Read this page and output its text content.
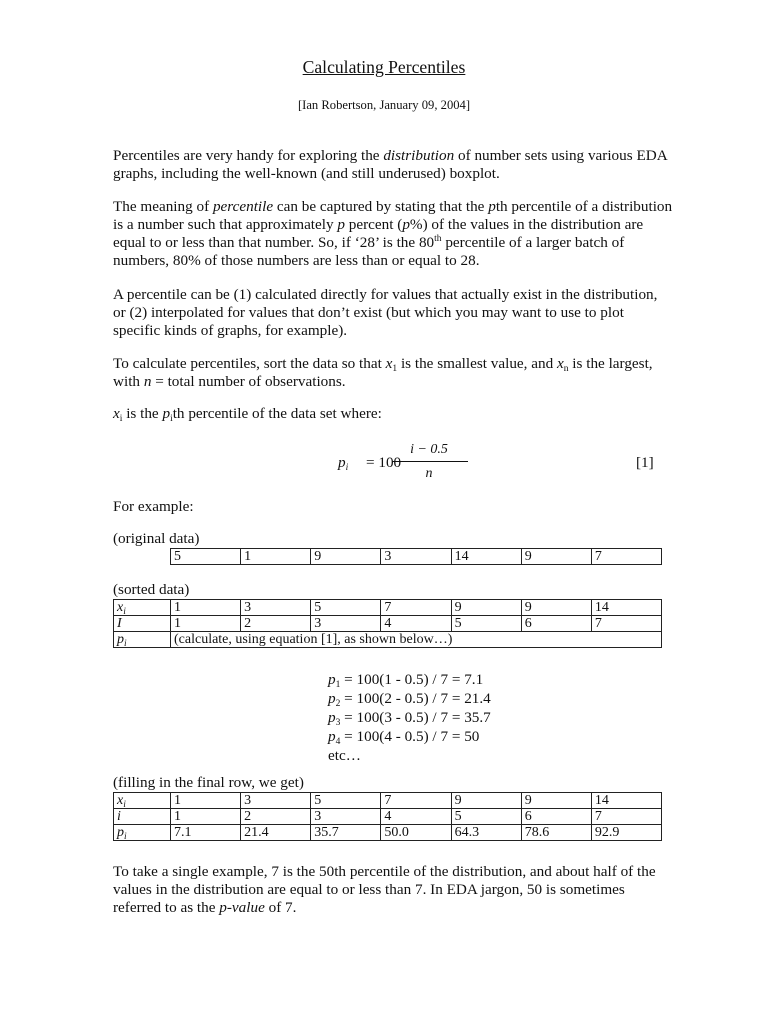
Calculating Percentiles
[Ian Robertson, January 09, 2004]

Percentiles are very handy for exploring the distribution of number sets using various EDA graphs, including the well-known (and still underused) boxplot.

The meaning of percentile can be captured by stating that the pth percentile of a distribution is a number such that approximately p percent (p%) of the values in the distribution are equal to or less than that number. So, if ‘28’ is the 80th percentile of a larger batch of numbers, 80% of those numbers are less than or equal to 28.

A percentile can be (1) calculated directly for values that actually exist in the distribution, or (2) interpolated for values that don’t exist (but which you may want to use to plot specific kinds of graphs, for example).

To calculate percentiles, sort the data so that $x_1$ is the smallest value, and $x_n$ is the largest, with n = total number of observations.

$x_i$ is the $p_ith$ percentile of the data set where:

$p_i = 100$
i − 0.5
n
[1]
For example:
(original data)
5	1	9	3	14	9	7
(sorted data)
$x_i$	1	3	5	7	9	9	14
I	1	2	3	4	5	6	7
$p_i$	(calculate, using equation [1], as shown below…)						
$p_1 = 100(1 - 0.5) / 7 = 7.1$
$p_2 = 100(2 - 0.5) / 7 = 21.4$
$p_3 = 100(3 - 0.5) / 7 = 35.7$
$p_4 = 100(4 - 0.5) / 7 = 50$
etc…
(filling in the final row, we get)
$x_i$	1	3	5	7	9	9	14
i	1	2	3	4	5	6	7
$p_i$	7.1	21.4	35.7	50.0	64.3	78.6	92.9

To take a single example, 7 is the 50th percentile of the distribution, and about half of the values in the distribution are equal to or less than 7. In EDA jargon, 50 is sometimes referred to as the p-value of 7.
